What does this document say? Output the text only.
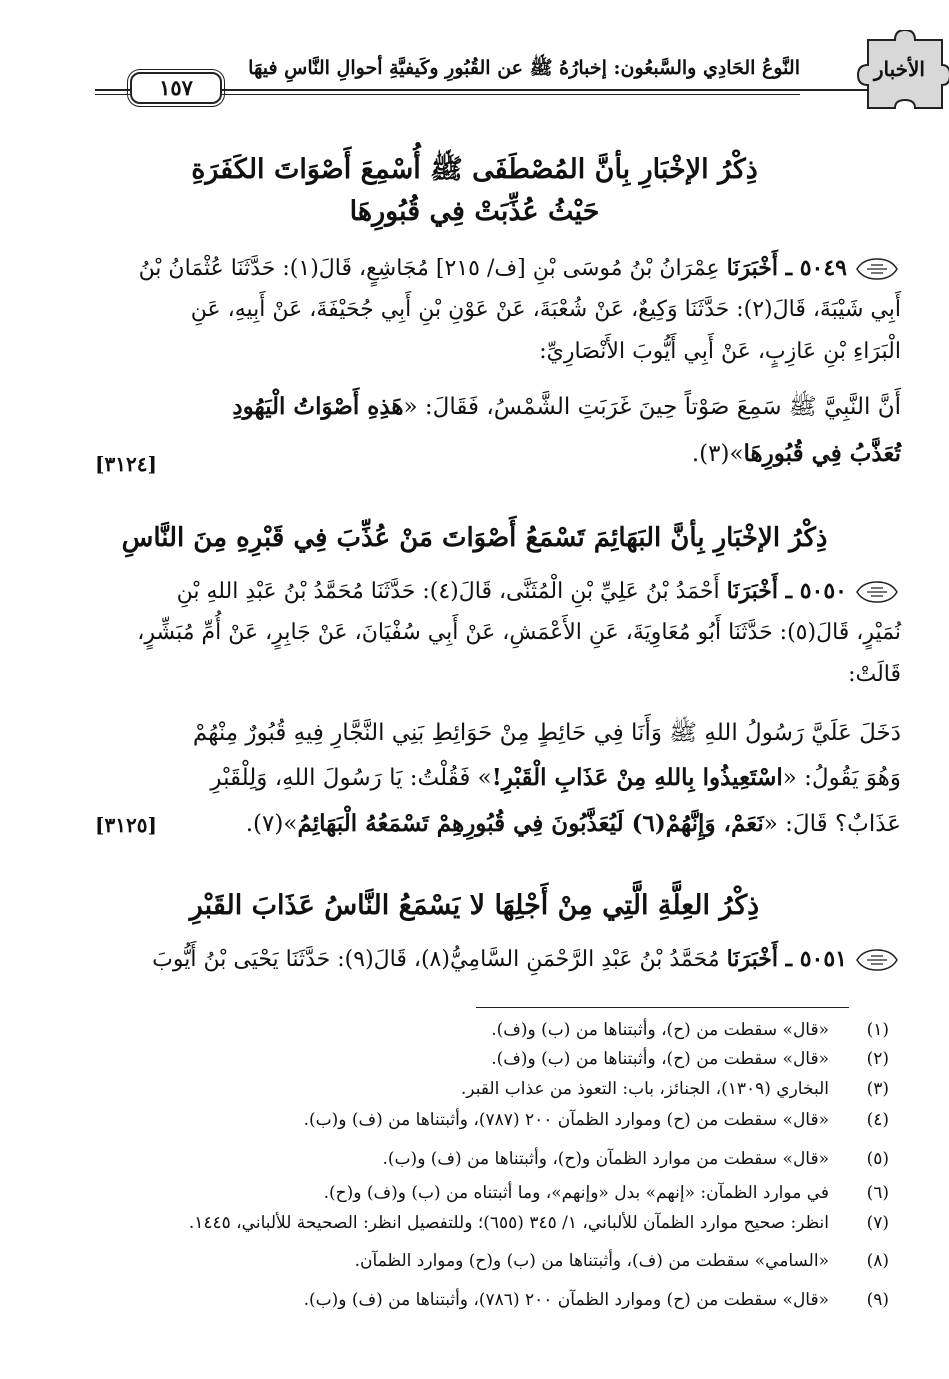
النَّوعُ الحَادِي والسَّبعُون: إخبارُهُ ﷺ عن القُبُورِ وكَيفيَّةِ أحوالِ النَّاسِ فيهَا
١٥٧
الأخبار
ذِكْرُ الإخْبَارِ بِأنَّ المُصْطَفَى ﷺ أُسْمِعَ أَصْوَاتَ الكَفَرَةِ
حَيْثُ عُذِّبَتْ فِي قُبُورِهَا
٥٠٤٩ ـ أَخْبَرَنَا عِمْرَانُ بْنُ مُوسَى بْنِ [ف/ ٢١٥] مُجَاشِعٍ، قَالَ(١): حَدَّثَنَا عُثْمَانُ بْنُ
أَبِي شَيْبَةَ، قَالَ(٢): حَدَّثَنَا وَكِيعٌ، عَنْ شُعْبَةَ، عَنْ عَوْنِ بْنِ أَبِي جُحَيْفَةَ، عَنْ أَبِيهِ، عَنِ
الْبَرَاءِ بْنِ عَازِبٍ، عَنْ أَبِي أَيُّوبَ الأَنْصَارِيِّ:
أَنَّ النَّبِيَّ ﷺ سَمِعَ صَوْتاً حِينَ غَرَبَتِ الشَّمْسُ، فَقَالَ: «هَذِهِ أَصْوَاتُ الْيَهُودِ
تُعَذَّبُ فِي قُبُورِهَا»(٣).
[٣١٢٤]
ذِكْرُ الإخْبَارِ بِأنَّ البَهَائِمَ تَسْمَعُ أَصْوَاتَ مَنْ عُذِّبَ فِي قَبْرِهِ مِنَ النَّاسِ
٥٠٥٠ ـ أَخْبَرَنَا أَحْمَدُ بْنُ عَلِيِّ بْنِ الْمُثَنَّى، قَالَ(٤): حَدَّثَنَا مُحَمَّدُ بْنُ عَبْدِ اللهِ بْنِ
نُمَيْرٍ، قَالَ(٥): حَدَّثَنَا أَبُو مُعَاوِيَةَ، عَنِ الأَعْمَشِ، عَنْ أَبِي سُفْيَانَ، عَنْ جَابِرٍ، عَنْ أُمِّ مُبَشِّرٍ،
قَالَتْ:
دَخَلَ عَلَيَّ رَسُولُ اللهِ ﷺ وَأَنَا فِي حَائِطٍ مِنْ حَوَائِطِ بَنِي النَّجَّارِ فِيهِ قُبُورٌ مِنْهُمْ
وَهُوَ يَقُولُ: «اسْتَعِيذُوا بِاللهِ مِنْ عَذَابِ الْقَبْرِ!» فَقُلْتُ: يَا رَسُولَ اللهِ، وَلِلْقَبْرِ
عَذَابٌ؟ قَالَ: «نَعَمْ، وَإِنَّهُمْ(٦) لَيُعَذَّبُونَ فِي قُبُورِهِمْ تَسْمَعُهُ الْبَهَائِمُ»(٧).
[٣١٢٥]
ذِكْرُ العِلَّةِ الَّتِي مِنْ أَجْلِهَا لا يَسْمَعُ النَّاسُ عَذَابَ القَبْرِ
٥٠٥١ ـ أَخْبَرَنَا مُحَمَّدُ بْنُ عَبْدِ الرَّحْمَنِ السَّامِيُّ(٨)، قَالَ(٩): حَدَّثَنَا يَحْيَى بْنُ أَيُّوبَ
(١)«قال» سقطت من (ح)، وأثبتناها من (ب) و(ف).
(٢)«قال» سقطت من (ح)، وأثبتناها من (ب) و(ف).
(٣)البخاري (١٣٠٩)، الجنائز، باب: التعوذ من عذاب القبر.
(٤)«قال» سقطت من (ح) وموارد الظمآن ٢٠٠ (٧٨٧)، وأثبتناها من (ف) و(ب).
(٥)«قال» سقطت من موارد الظمآن و(ح)، وأثبتناها من (ف) و(ب).
(٦)في موارد الظمآن: «إنهم» بدل «وإنهم»، وما أثبتناه من (ب) و(ف) و(ح).
(٧)انظر: صحيح موارد الظمآن للألباني، ١/ ٣٤٥ (٦٥٥)؛ وللتفصيل انظر: الصحيحة للألباني، ١٤٤٥.
(٨)«السامي» سقطت من (ف)، وأثبتناها من (ب) و(ح) وموارد الظمآن.
(٩)«قال» سقطت من (ح) وموارد الظمآن ٢٠٠ (٧٨٦)، وأثبتناها من (ف) و(ب).
